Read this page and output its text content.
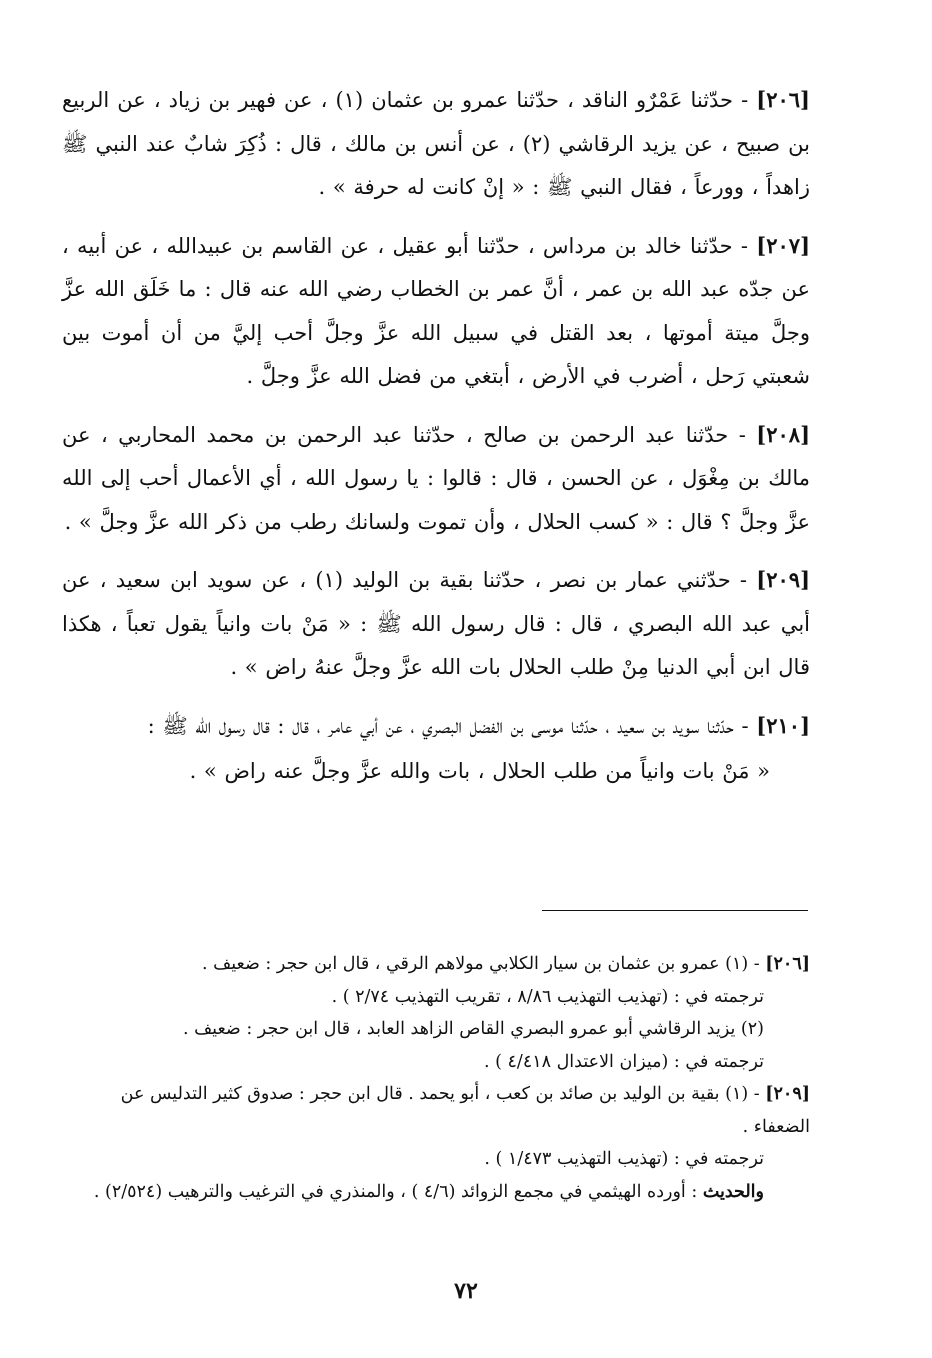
[٢٠٦] - حدّثنا عَمْرٌو الناقد ، حدّثنا عمرو بن عثمان (١) ، عن فهير بن زياد ، عن الربيع بن صبيح ، عن يزيد الرقاشي (٢) ، عن أنس بن مالك ، قال : ذُكِرَ شابٌ عند النبي ﷺ زاهداً ، وورعاً ، فقال النبي ﷺ : « إنْ كانت له حرفة » .

[٢٠٧] - حدّثنا خالد بن مرداس ، حدّثنا أبو عقيل ، عن القاسم بن عبيدالله ، عن أبيه ، عن جدّه عبد الله بن عمر ، أنَّ عمر بن الخطاب رضي الله عنه قال : ما خَلَق الله عزَّ وجلَّ ميتة أموتها ، بعد القتل في سبيل الله عزَّ وجلَّ أحب إليَّ من أن أموت بين شعبتي رَحل ، أضرب في الأرض ، أبتغي من فضل الله عزَّ وجلَّ .

[٢٠٨] - حدّثنا عبد الرحمن بن صالح ، حدّثنا عبد الرحمن بن محمد المحاربي ، عن مالك بن مِغْوَل ، عن الحسن ، قال : قالوا : يا رسول الله ، أي الأعمال أحب إلى الله عزَّ وجلَّ ؟ قال : « كسب الحلال ، وأن تموت ولسانك رطب من ذكر الله عزَّ وجلَّ » .

[٢٠٩] - حدّثني عمار بن نصر ، حدّثنا بقية بن الوليد (١) ، عن سويد ابن سعيد ، عن أبي عبد الله البصري ، قال : قال رسول الله ﷺ : « مَنْ بات وانياً يقول تعباً ، هكذا قال ابن أبي الدنيا مِنْ طلب الحلال بات الله عزَّ وجلَّ عنهُ راض » .

[٢١٠] - حدّثنا سويد بن سعيد ، حدّثنا موسى بن الفضل البصري ، عن أبي عامر ، قال : قال رسول الله ﷺ :
« مَنْ بات وانياً من طلب الحلال ، بات والله عزَّ وجلَّ عنه راض » .

[٢٠٦] - (١) عمرو بن عثمان بن سيار الكلابي مولاهم الرقي ، قال ابن حجر : ضعيف .

ترجمته في : (تهذيب التهذيب ٨/٨٦ ، تقريب التهذيب ٢/٧٤ ) .

(٢) يزيد الرقاشي أبو عمرو البصري القاص الزاهد العابد ، قال ابن حجر : ضعيف .

ترجمته في : (ميزان الاعتدال ٤/٤١٨ ) .

[٢٠٩] - (١) بقية بن الوليد بن صائد بن كعب ، أبو يحمد . قال ابن حجر : صدوق كثير التدليس عن الضعفاء .

ترجمته في : (تهذيب التهذيب ١/٤٧٣ ) .

والحديث : أورده الهيثمي في مجمع الزوائد (٤/٦ ) ، والمنذري في الترغيب والترهيب (٢/٥٢٤) .

٧٢
